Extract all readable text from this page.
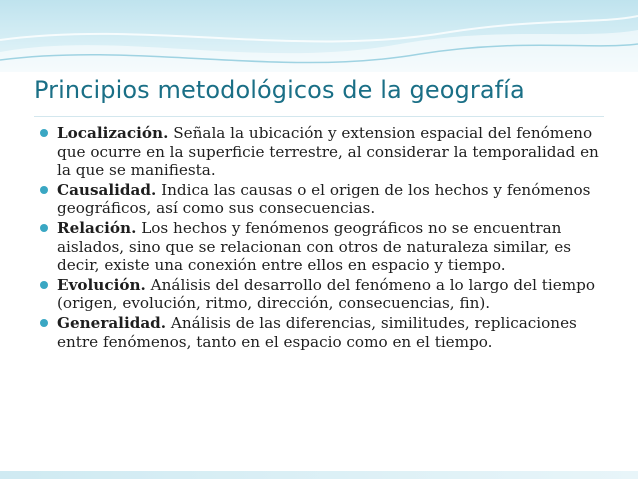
Principios metodológicos de la geografía
Localización. Señala la ubicación y extension espacial del fenómeno que ocurre en la superficie terrestre, al considerar la temporalidad en la que se manifiesta.
Causalidad. Indica las causas o el origen de los hechos y fenómenos geográficos, así como sus consecuencias.
Relación. Los hechos y fenómenos geográficos no se encuentran aislados, sino que se relacionan con otros de naturaleza similar, es decir, existe una conexión entre ellos en espacio y tiempo.
Evolución. Análisis del desarrollo del fenómeno a lo largo del tiempo (origen, evolución, ritmo, dirección, consecuencias, fin).
Generalidad. Análisis de las diferencias, similitudes, replicaciones entre fenómenos, tanto en el espacio como en el tiempo.
